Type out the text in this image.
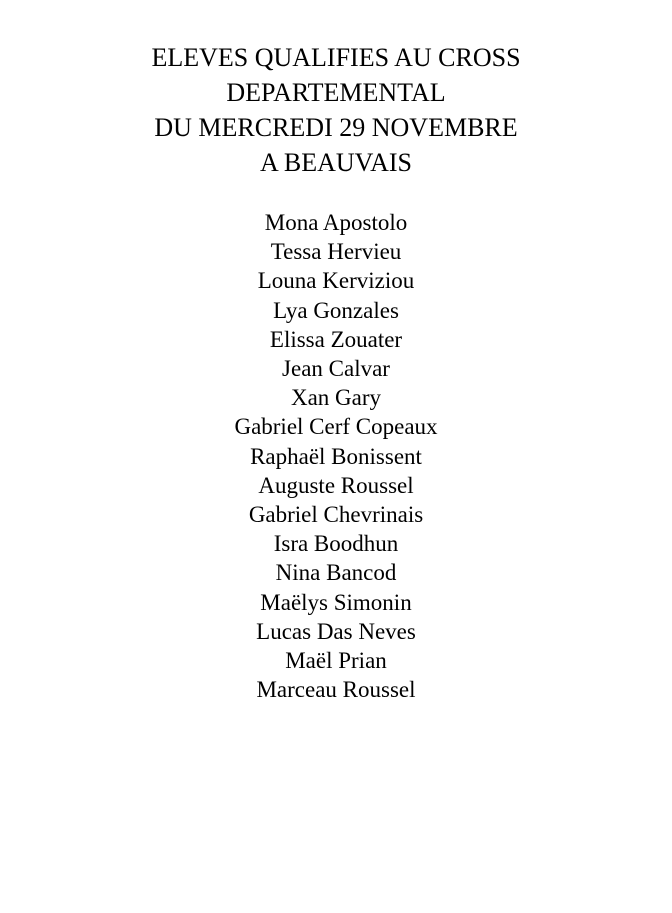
ELEVES QUALIFIES AU CROSS
DEPARTEMENTAL
DU MERCREDI 29 NOVEMBRE
A BEAUVAIS
Mona Apostolo
Tessa Hervieu
Louna Kerviziou
Lya Gonzales
Elissa Zouater
Jean Calvar
Xan Gary
Gabriel Cerf Copeaux
Raphaël Bonissent
Auguste Roussel
Gabriel Chevrinais
Isra Boodhun
Nina Bancod
Maëlys Simonin
Lucas Das Neves
Maël Prian
Marceau Roussel
